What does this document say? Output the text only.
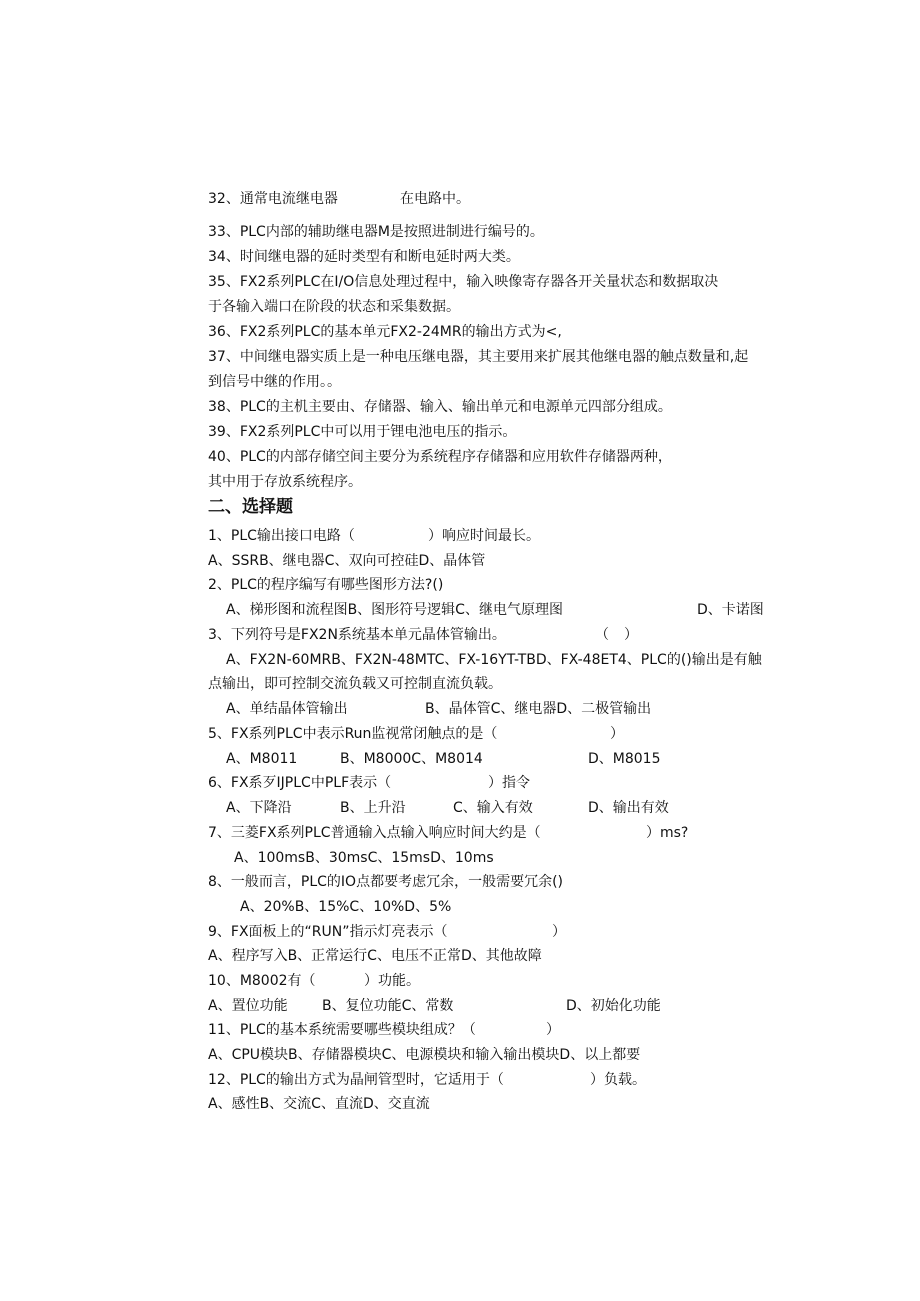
32、通常电流继电器	在电路中。
33、PLC内部的辅助继电器M是按照进制进行编号的。
34、时间继电器的延时类型有和断电延时两大类。
35、FX2系列PLC在I/O信息处理过程中，输入映像寄存器各开关量状态和数据取决
于各输入端口在阶段的状态和采集数据。
36、FX2系列PLC的基本单元FX2-24MR的输出方式为<,
37、中间继电器实质上是一种电压继电器，其主要用来扩展其他继电器的触点数量和,起
到信号中继的作用。。
38、PLC的主机主要由、存储器、输入、输出单元和电源单元四部分组成。
39、FX2系列PLC中可以用于锂电池电压的指示。
40、PLC的内部存储空间主要分为系统程序存储器和应用软件存储器两种，
其中用于存放系统程序。
二、选择题
1、PLC输出接口电路（	）响应时间最长。
A、SSRB、继电器C、双向可控硅D、晶体管
2、PLC的程序编写有哪些图形方法?()
A、梯形图和流程图B、图形符号逻辑C、继电气原理图	D、卡诺图
3、下列符号是FX2N系统基本单元晶体管输出。	（ ）
A、FX2N-60MRB、FX2N-48MTC、FX-16YT-TBD、FX-48ET4、PLC的()输出是有触
点输出，即可控制交流负载又可控制直流负载。
A、单结晶体管输出	B、晶体管C、继电器D、二极管输出
5、FX系列PLC中表示Run监视常闭触点的是（	）
A、M8011	B、M8000C、M8014	D、M8015
6、FX系歹IJPLC中PLF表示（	）指令
A、下降沿	B、上升沿	C、输入有效	D、输出有效
7、三菱FX系列PLC普通输入点输入响应时间大约是（	）ms?
A、100msB、30msC、15msD、10ms
8、一般而言，PLC的IO点都要考虑冗余，一般需要冗余()
A、20%B、15%C、10%D、5%
9、FX面板上的“RUN”指示灯亮表示（	）
A、程序写入B、正常运行C、电压不正常D、其他故障
10、M8002有（	）功能。
A、置位功能 B、复位功能C、常数	D、初始化功能
11、PLC的基本系统需要哪些模块组成？（	）
A、CPU模块B、存储器模块C、电源模块和输入输出模块D、以上都要
12、PLC的输出方式为晶闸管型时，它适用于（	）负载。
A、感性B、交流C、直流D、交直流
